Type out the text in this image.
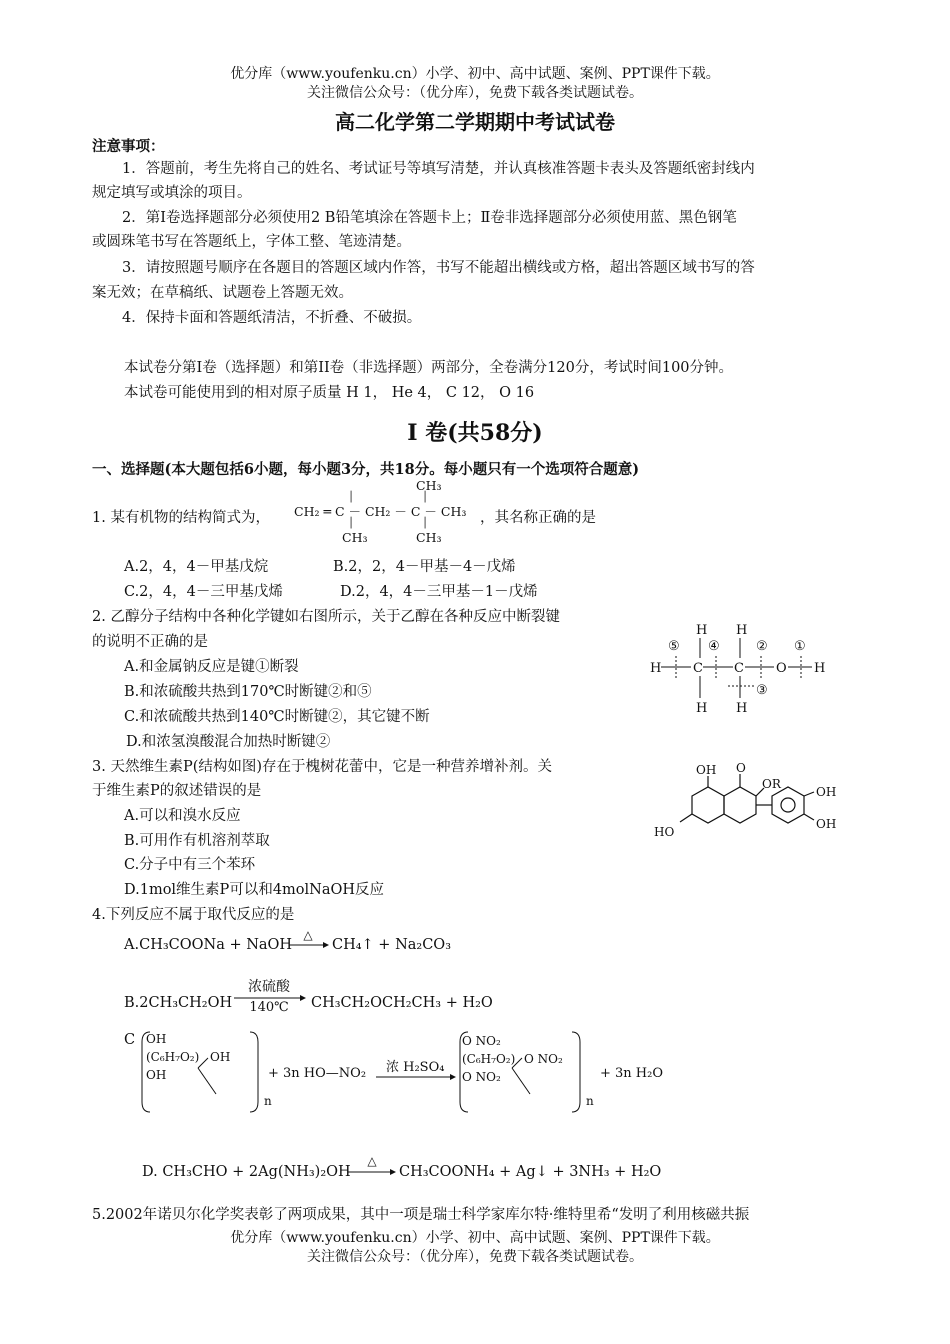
优分库（www.youfenku.cn）小学、初中、高中试题、案例、PPT课件下载。
关注微信公众号：（优分库），免费下载各类试题试卷。
高二化学第二学期期中考试试卷
注意事项：
1．答题前，考生先将自己的姓名、考试证号等填写清楚，并认真核准答题卡表头及答题纸密封线内
规定填写或填涂的项目。
2．第Ⅰ卷选择题部分必须使用2 B铅笔填涂在答题卡上；Ⅱ卷非选择题部分必须使用蓝、黑色钢笔
或圆珠笔书写在答题纸上，字体工整、笔迹清楚。
3．请按照题号顺序在各题目的答题区域内作答，书写不能超出横线或方格，超出答题区域书写的答
案无效；在草稿纸、试题卷上答题无效。
4．保持卡面和答题纸清洁，不折叠、不破损。
本试卷分第Ⅰ卷（选择题）和第II卷（非选择题）两部分，全卷满分120分，考试时间100分钟。
本试卷可能使用到的相对原子质量 H 1， He 4， C 12， O 16
Ⅰ 卷(共58分)
一、选择题(本大题包括6小题，每小题3分，共18分。每小题只有一个选项符合题意)
1. 某有机物的结构简式为，
CH₃
CH₂ ═ C － CH₂ － C － CH₃
CH₃	CH₃
│
│
│
│	，其名称正确的是
A.2，4，4－甲基戊烷	B.2，2，4－甲基－4－戊烯
C.2，4，4－三甲基戊烯	D.2，4，4－三甲基－1－戊烯
2. 乙醇分子结构中各种化学键如右图所示，关于乙醇在各种反应中断裂键
的说明不正确的是
A.和金属钠反应是键①断裂
B.和浓硫酸共热到170℃时断键②和⑤
C.和浓硫酸共热到140℃时断键②，其它键不断
D.和浓氢溴酸混合加热时断键②
H H
H C C O H
H H
⑤ ④	② ①
③
3. 天然维生素P(结构如图)存在于槐树花蕾中，它是一种营养增补剂。关
于维生素P的叙述错误的是
A.可以和溴水反应
B.可用作有机溶剂萃取
C.分子中有三个苯环
D.1mol维生素P可以和4molNaOH反应
OH O
OR
OH
OH
HO
4.下列反应不属于取代反应的是
A.CH₃COONa + NaOH
△
→ CH₄↑ + Na₂CO₃
B.2CH₃CH₂OH
浓硫酸
140℃	CH₃CH₂OCH₂CH₃ + H₂O
C OH
(C₆H₇O₂) OH
OH
n
+ 3n HO—NO₂ 浓 H₂SO₄
O NO₂
(C₆H₇O₂) O NO₂
O NO₂
n
+ 3n H₂O
D. CH₃CHO + 2Ag(NH₃)₂OH
△
→ CH₃COONH₄ + Ag↓ + 3NH₃ + H₂O
5.2002年诺贝尔化学奖表彰了两项成果，其中一项是瑞士科学家库尔特·维特里希“发明了利用核磁共振
优分库（www.youfenku.cn）小学、初中、高中试题、案例、PPT课件下载。
关注微信公众号：（优分库），免费下载各类试题试卷。
